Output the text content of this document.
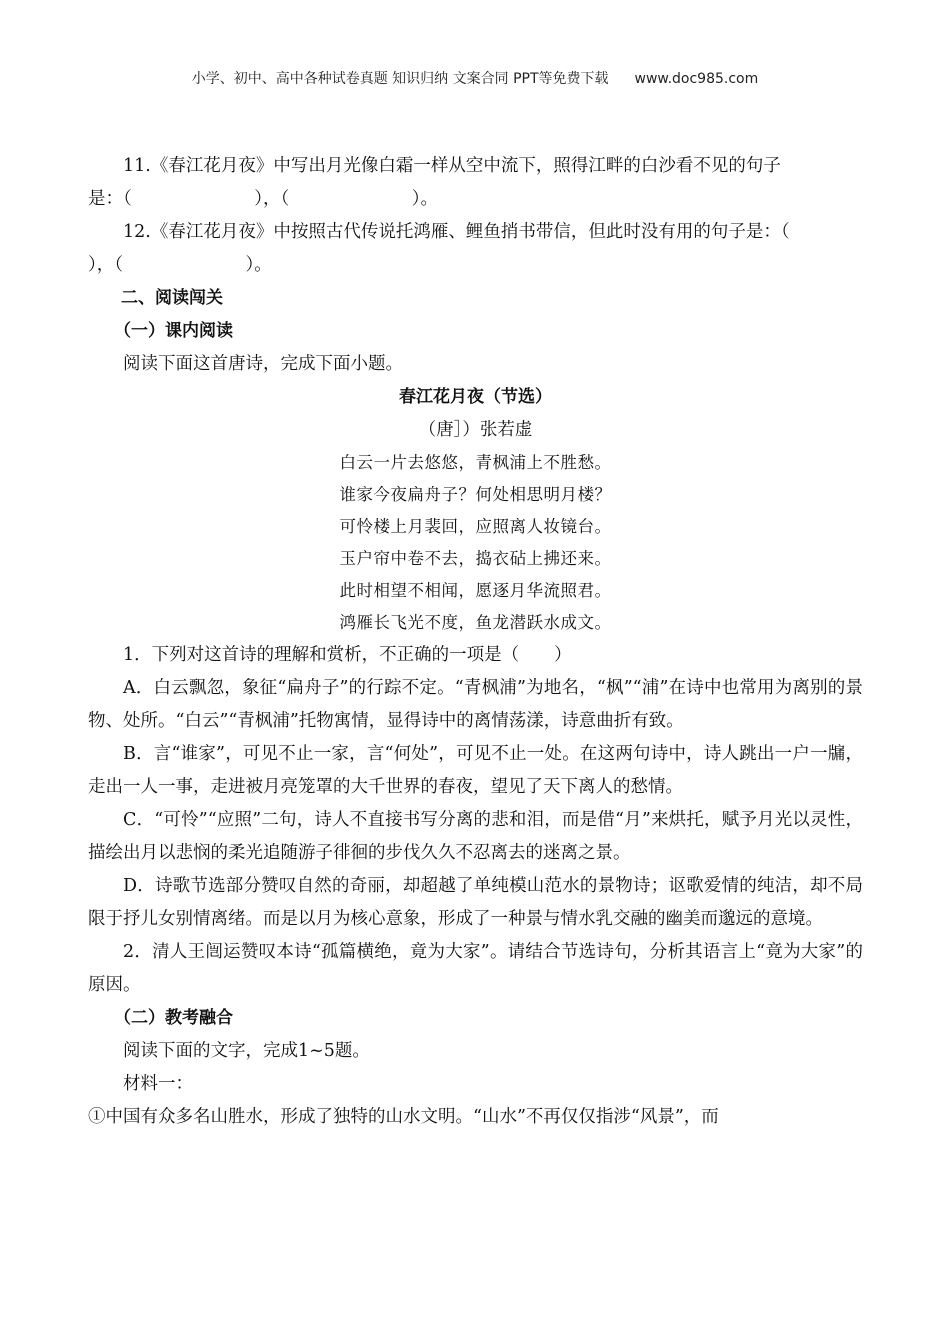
小学、初中、高中各种试卷真题 知识归纳 文案合同 PPT等免费下载 www.doc985.com

11.《春江花月夜》中写出月光像白霜一样从空中流下，照得江畔的白沙看不见的句子

是：（　　　　　　　），（　　　　　　　）。

12.《春江花月夜》中按照古代传说托鸿雁、鲤鱼捎书带信，但此时没有用的句子是：（

），（　　　　　　　）。

二、阅读闯关

（一）课内阅读

阅读下面这首唐诗，完成下面小题。

春江花月夜（节选）

（唐］）张若虚

白云一片去悠悠，青枫浦上不胜愁。

谁家今夜扁舟子？何处相思明月楼？

可怜楼上月裴回，应照离人妆镜台。

玉户帘中卷不去，捣衣砧上拂还来。

此时相望不相闻，愿逐月华流照君。

鸿雁长飞光不度，鱼龙潜跃水成文。

1．下列对这首诗的理解和赏析，不正确的一项是（　　）

A．白云飘忽，象征“扁舟子”的行踪不定。“青枫浦”为地名，“枫”“浦”在诗中也常用为离别的景物、处所。“白云”“青枫浦”托物寓情，显得诗中的离情荡漾，诗意曲折有致。

B．言“谁家”，可见不止一家，言“何处”，可见不止一处。在这两句诗中，诗人跳出一户一牖，走出一人一事，走进被月亮笼罩的大千世界的春夜，望见了天下离人的愁情。

C．“可怜”“应照”二句，诗人不直接书写分离的悲和泪，而是借“月”来烘托，赋予月光以灵性，描绘出月以悲悯的柔光追随游子徘徊的步伐久久不忍离去的迷离之景。

D．诗歌节选部分赞叹自然的奇丽，却超越了单纯模山范水的景物诗；讴歌爱情的纯洁，却不局限于抒儿女别情离绪。而是以月为核心意象，形成了一种景与情水乳交融的幽美而邈远的意境。

2．清人王闿运赞叹本诗“孤篇横绝，竟为大家”。请结合节选诗句，分析其语言上“竟为大家”的原因。

（二）教考融合

阅读下面的文字，完成1~5题。

材料一：

①中国有众多名山胜水，形成了独特的山水文明。“山水”不再仅仅指涉“风景”，而
